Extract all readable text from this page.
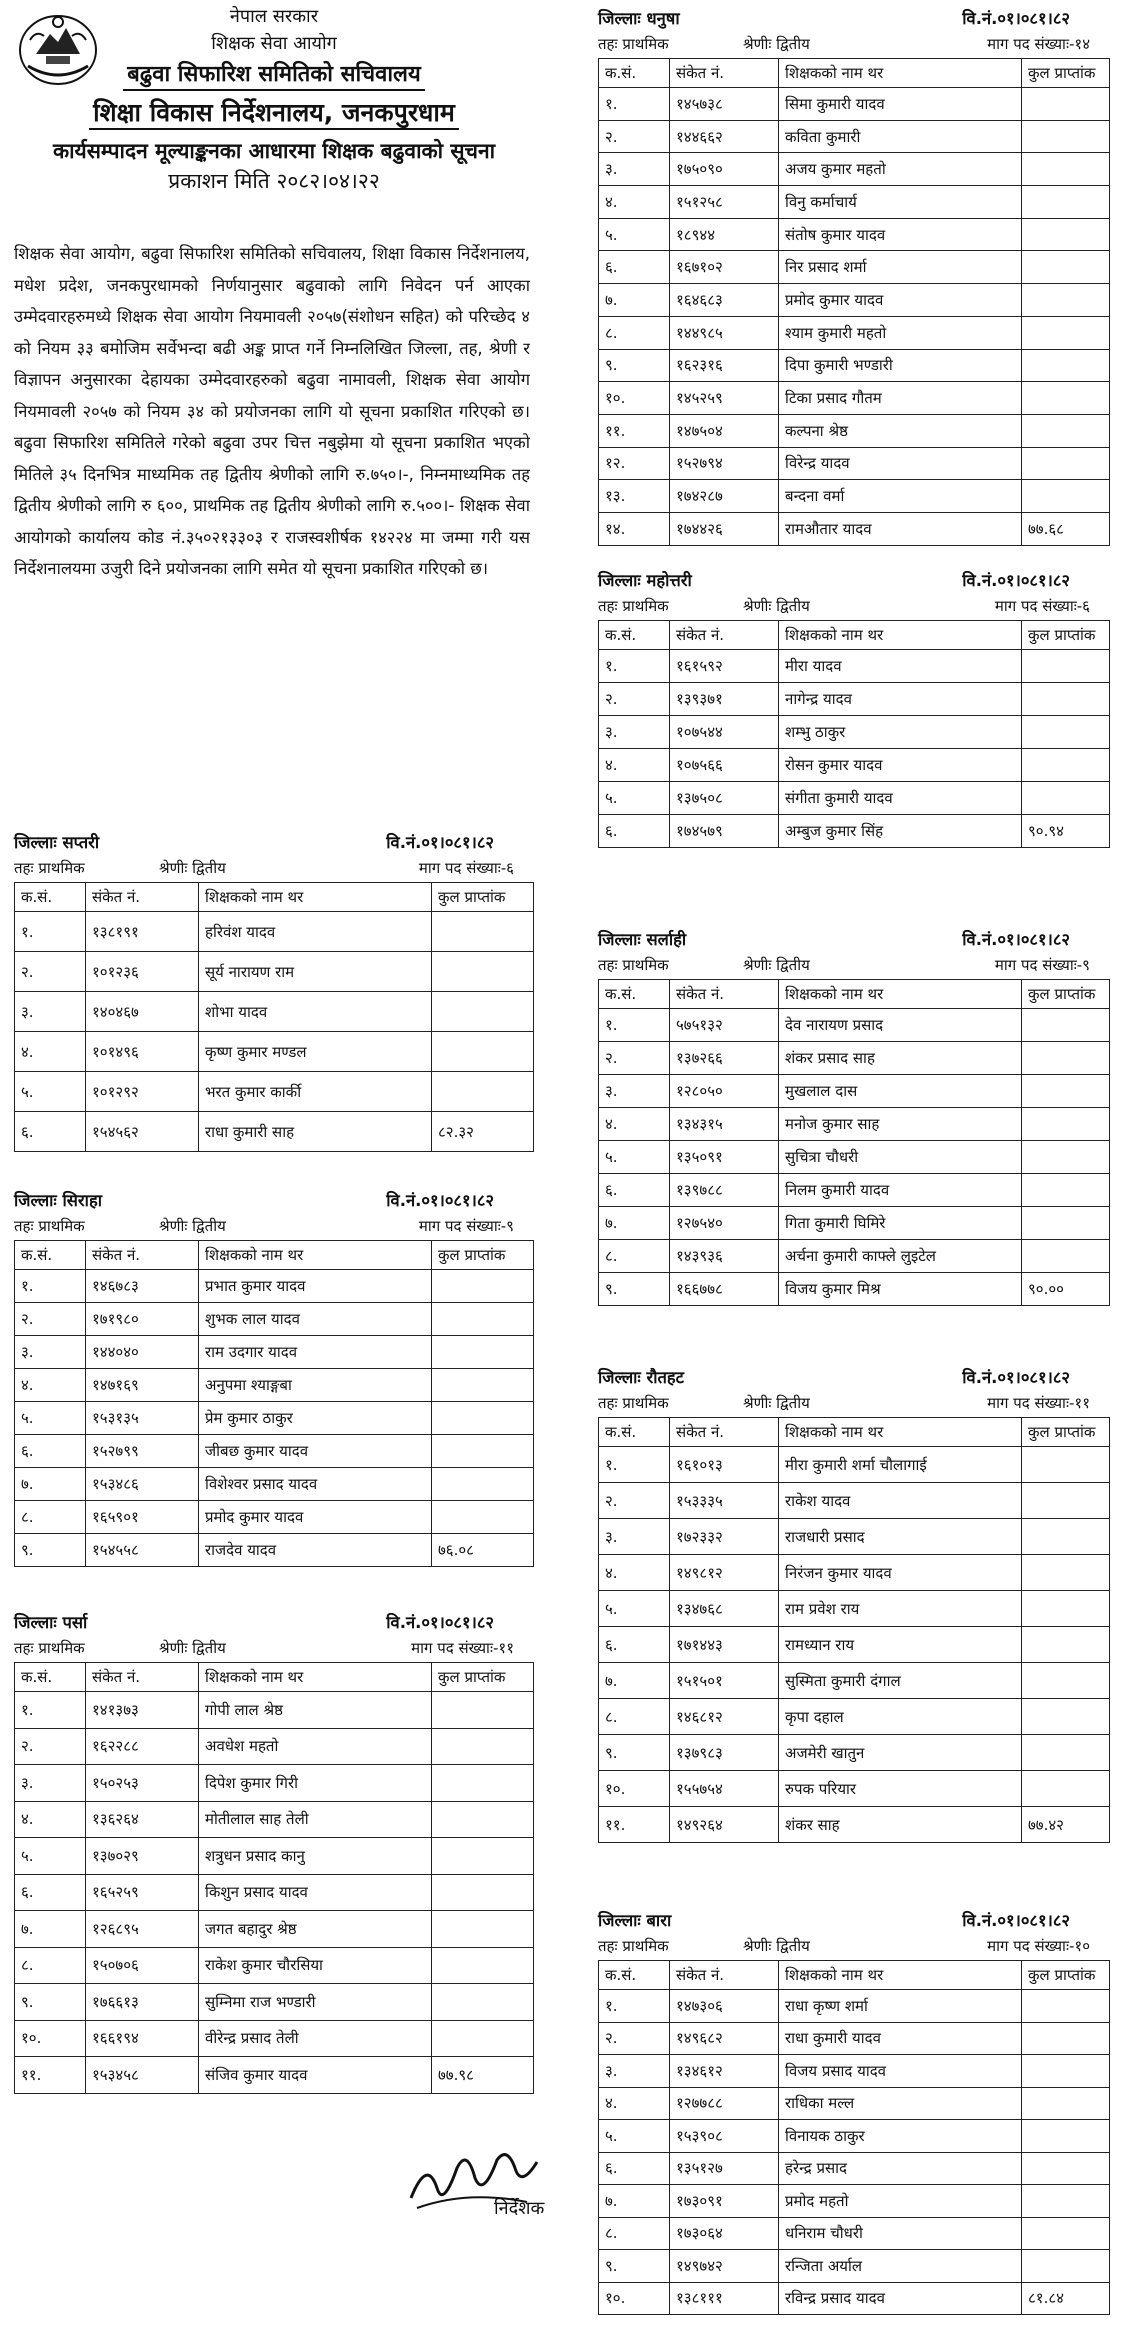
नेपाल सरकार

शिक्षक सेवा आयोग

बढुवा सिफारिश समितिको सचिवालय
शिक्षा विकास निर्देशनालय, जनकपुरधाम

कार्यसम्पादन मूल्याङ्कनका आधारमा शिक्षक बढुवाको सूचना

प्रकाशन मिति २०८२।०४।२२

शिक्षक सेवा आयोग, बढुवा सिफारिश समितिको सचिवालय, शिक्षा विकास निर्देशनालय, मधेश प्रदेश, जनकपुरधामको निर्णयानुसार बढुवाको लागि निवेदन पर्न आएका उम्मेदवारहरुमध्ये शिक्षक सेवा आयोग नियमावली २०५७(संशोधन सहित) को परिच्छेद ४ को नियम ३३ बमोजिम सर्वेभन्दा बढी अङ्क प्राप्त गर्ने निम्नलिखित जिल्ला, तह, श्रेणी र विज्ञापन अनुसारका देहायका उम्मेदवारहरुको बढुवा नामावली, शिक्षक सेवा आयोग नियमावली २०५७ को नियम ३४ को प्रयोजनका लागि यो सूचना प्रकाशित गरिएको छ। बढुवा सिफारिश समितिले गरेको बढुवा उपर चित्त नबुझेमा यो सूचना प्रकाशित भएको मितिले ३५ दिनभित्र माध्यमिक तह द्वितीय श्रेणीको लागि रु.७५०।-, निम्नमाध्यमिक तह द्वितीय श्रेणीको लागि रु ६००, प्राथमिक तह द्वितीय श्रेणीको लागि रु.५००।- शिक्षक सेवा आयोगको कार्यालय कोड नं.३५०२१३३०३ र राजस्वशीर्षक १४२२४ मा जम्मा गरी यस निर्देशनालयमा उजुरी दिने प्रयोजनका लागि समेत यो सूचना प्रकाशित गरिएको छ।

जिल्लाः सप्तरी	वि.नं.०१।०८१।८२
तहः प्राथमिक	श्रेणीः द्वितीय	माग पद संख्याः-६
क.सं.	संकेत नं.	शिक्षकको नाम थर	कुल प्राप्तांक
१.	१३८१९१	हरिवंश यादव	
२.	१०१२३६	सूर्य नारायण राम	
३.	१४०४६७	शोभा यादव	
४.	१०१४९६	कृष्ण कुमार मण्डल	
५.	१०१२९२	भरत कुमार कार्की	
६.	१५४५६२	राधा कुमारी साह	८२.३२
जिल्लाः सिराहा	वि.नं.०१।०८१।८२
तहः प्राथमिक	श्रेणीः द्वितीय	माग पद संख्याः-९
क.सं.	संकेत नं.	शिक्षकको नाम थर	कुल प्राप्तांक
१.	१४६७८३	प्रभात कुमार यादव	
२.	१७१९८०	शुभक लाल यादव	
३.	१४४०४०	राम उदगार यादव	
४.	१४७१६९	अनुपमा श्याङ्गबा	
५.	१५३१३५	प्रेम कुमार ठाकुर	
६.	१५२७९९	जीबछ कुमार यादव	
७.	१५३४८६	विशेश्वर प्रसाद यादव	
८.	१६५९०१	प्रमोद कुमार यादव	
९.	१५४५५८	राजदेव यादव	७६.०८
जिल्लाः पर्सा	वि.नं.०१।०८१।८२
तहः प्राथमिक	श्रेणीः द्वितीय	माग पद संख्याः-११
क.सं.	संकेत नं.	शिक्षकको नाम थर	कुल प्राप्तांक
१.	१४१३७३	गोपी लाल श्रेष्ठ	
२.	१६२२८८	अवधेश महतो	
३.	१५०२५३	दिपेश कुमार गिरी	
४.	१३६२६४	मोतीलाल साह तेली	
५.	१३७०२९	शत्रुधन प्रसाद कानु	
६.	१६५२५९	किशुन प्रसाद यादव	
७.	१२६८९५	जगत बहादुर श्रेष्ठ	
८.	१५०७०६	राकेश कुमार चौरसिया	
९.	१७६६१३	सुम्निमा राज भण्डारी	
१०.	१६६१९४	वीरेन्द्र प्रसाद तेली	
११.	१५३४५८	संजिव कुमार यादव	७७.९८
निर्देशक
जिल्लाः धनुषा	वि.नं.०१।०८१।८२
तहः प्राथमिक	श्रेणीः द्वितीय	माग पद संख्याः-१४
क.सं.	संकेत नं.	शिक्षकको नाम थर	कुल प्राप्तांक
१.	१४५७३८	सिमा कुमारी यादव	
२.	१४४६६२	कविता कुमारी	
३.	१७५०९०	अजय कुमार महतो	
४.	१५१२५८	विनु कर्माचार्य	
५.	१८९४४	संतोष कुमार यादव	
६.	१६७१०२	निर प्रसाद शर्मा	
७.	१६४६८३	प्रमोद कुमार यादव	
८.	१४४९८५	श्याम कुमारी महतो	
९.	१६२३१६	दिपा कुमारी भण्डारी	
१०.	१४५२५९	टिका प्रसाद गौतम	
११.	१४७५०४	कल्पना श्रेष्ठ	
१२.	१५२७९४	विरेन्द्र यादव	
१३.	१७४२८७	बन्दना वर्मा	
१४.	१७४४२६	रामऔतार यादव	७७.६८
जिल्लाः महोत्तरी	वि.नं.०१।०८१।८२
तहः प्राथमिक	श्रेणीः द्वितीय	माग पद संख्याः-६
क.सं.	संकेत नं.	शिक्षकको नाम थर	कुल प्राप्तांक
१.	१६१५९२	मीरा यादव	
२.	१३९३७१	नागेन्द्र यादव	
३.	१०७५४४	शम्भु ठाकुर	
४.	१०७५६६	रोसन कुमार यादव	
५.	१३७५०८	संगीता कुमारी यादव	
६.	१७४५७९	अम्बुज कुमार सिंह	९०.९४
जिल्लाः सर्लाही	वि.नं.०१।०८१।८२
तहः प्राथमिक	श्रेणीः द्वितीय	माग पद संख्याः-९
क.सं.	संकेत नं.	शिक्षकको नाम थर	कुल प्राप्तांक
१.	५७५१३२	देव नारायण प्रसाद	
२.	१३७२६६	शंकर प्रसाद साह	
३.	१२८०५०	मुखलाल दास	
४.	१३४३१५	मनोज कुमार साह	
५.	१३५०९१	सुचित्रा चौधरी	
६.	१३९७८८	निलम कुमारी यादव	
७.	१२७५४०	गिता कुमारी घिमिरे	
८.	१४३९३६	अर्चना कुमारी काफ्ले लुइटेल	
९.	१६६७७८	विजय कुमार मिश्र	९०.००
जिल्लाः रौतहट	वि.नं.०१।०८१।८२
तहः प्राथमिक	श्रेणीः द्वितीय	माग पद संख्याः-११
क.सं.	संकेत नं.	शिक्षकको नाम थर	कुल प्राप्तांक
१.	१६१०१३	मीरा कुमारी शर्मा चौलागाई	
२.	१५३३३५	राकेश यादव	
३.	१७२३३२	राजधारी प्रसाद	
४.	१४९८१२	निरंजन कुमार यादव	
५.	१३४७६८	राम प्रवेश राय	
६.	१७१४४३	रामध्यान राय	
७.	१५१५०१	सुस्मिता कुमारी दंगाल	
८.	१४६८१२	कृपा दहाल	
९.	१३७९८३	अजमेरी खातुन	
१०.	१५५७५४	रुपक परियार	
११.	१४९२६४	शंकर साह	७७.४२
जिल्लाः बारा	वि.नं.०१।०८१।८२
तहः प्राथमिक	श्रेणीः द्वितीय	माग पद संख्याः-१०
क.सं.	संकेत नं.	शिक्षकको नाम थर	कुल प्राप्तांक
१.	१४७३०६	राधा कृष्ण शर्मा	
२.	१४९६८२	राधा कुमारी यादव	
३.	१३४६१२	विजय प्रसाद यादव	
४.	१२७७८८	राधिका मल्ल	
५.	१५३९०८	विनायक ठाकुर	
६.	१३५१२७	हरेन्द्र प्रसाद	
७.	१७३०९१	प्रमोद महतो	
८.	१७३०६४	धनिराम चौधरी	
९.	१४९७४२	रन्जिता अर्याल	
१०.	१३८१११	रविन्द्र प्रसाद यादव	८१.८४
